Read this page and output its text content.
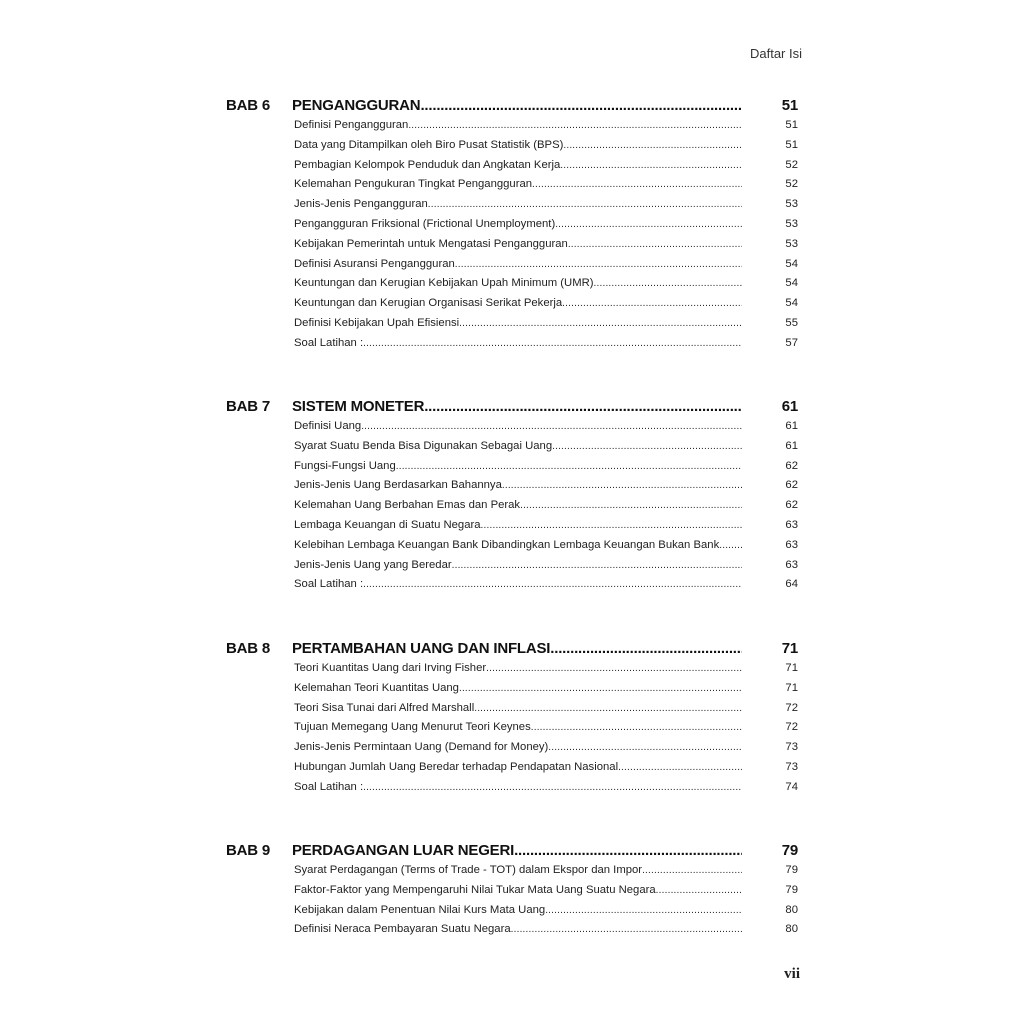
Daftar Isi
BAB 6	PENGANGGURAN .....	51
Definisi Pengangguran .....	51
Data yang Ditampilkan oleh Biro Pusat Statistik (BPS) .....	51
Pembagian Kelompok Penduduk dan Angkatan Kerja .....	52
Kelemahan Pengukuran Tingkat Pengangguran .....	52
Jenis-Jenis Pengangguran .....	53
Pengangguran Friksional (Frictional Unemployment) .....	53
Kebijakan Pemerintah untuk Mengatasi Pengangguran .....	53
Definisi Asuransi Pengangguran .....	54
Keuntungan dan Kerugian Kebijakan Upah Minimum (UMR) .....	54
Keuntungan dan Kerugian Organisasi Serikat Pekerja .....	54
Definisi Kebijakan Upah Efisiensi .....	55
Soal Latihan : .....	57
BAB 7	SISTEM MONETER .....	61
Definisi Uang .....	61
Syarat Suatu Benda Bisa Digunakan Sebagai Uang .....	61
Fungsi-Fungsi Uang .....	62
Jenis-Jenis Uang Berdasarkan Bahannya .....	62
Kelemahan Uang Berbahan Emas dan Perak .....	62
Lembaga Keuangan di Suatu Negara .....	63
Kelebihan Lembaga Keuangan Bank Dibandingkan Lembaga Keuangan Bukan Bank .....	63
Jenis-Jenis Uang yang Beredar .....	63
Soal Latihan : .....	64
BAB 8	PERTAMBAHAN UANG DAN INFLASI .....	71
Teori Kuantitas Uang dari Irving Fisher .....	71
Kelemahan Teori Kuantitas Uang .....	71
Teori Sisa Tunai dari Alfred Marshall .....	72
Tujuan Memegang Uang Menurut Teori Keynes .....	72
Jenis-Jenis Permintaan Uang (Demand for Money) .....	73
Hubungan Jumlah Uang Beredar terhadap Pendapatan Nasional .....	73
Soal Latihan : .....	74
BAB 9	PERDAGANGAN LUAR NEGERI .....	79
Syarat Perdagangan (Terms of Trade - TOT) dalam Ekspor dan Impor .....	79
Faktor-Faktor yang Mempengaruhi Nilai Tukar Mata Uang Suatu Negara .....	79
Kebijakan dalam Penentuan Nilai Kurs Mata Uang .....	80
Definisi Neraca Pembayaran Suatu Negara .....	80
vii
